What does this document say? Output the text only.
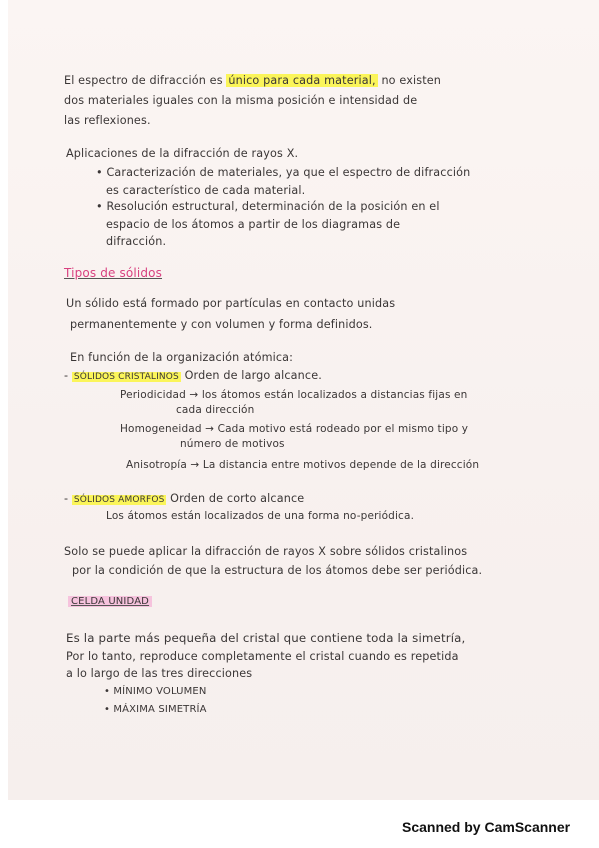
El espectro de difracción es único para cada material, no existen
dos materiales iguales con la misma posición e intensidad de
las reflexiones.
Aplicaciones de la difracción de rayos X.
• Caracterización de materiales, ya que el espectro de difracción
es característico de cada material.
• Resolución estructural, determinación de la posición en el
espacio de los átomos a partir de los diagramas de
difracción.
Tipos de sólidos
Un sólido está formado por partículas en contacto unidas
permanentemente y con volumen y forma definidos.
En función de la organización atómica:
- SÓLIDOS CRISTALINOS Orden de largo alcance.
Periodicidad → los átomos están localizados a distancias fijas en
cada dirección
Homogeneidad → Cada motivo está rodeado por el mismo tipo y
número de motivos
Anisotropía → La distancia entre motivos depende de la dirección
- SÓLIDOS AMORFOS Orden de corto alcance
Los átomos están localizados de una forma no-periódica.
Solo se puede aplicar la difracción de rayos X sobre sólidos cristalinos
por la condición de que la estructura de los átomos debe ser periódica.
CELDA UNIDAD
Es la parte más pequeña del cristal que contiene toda la simetría,
Por lo tanto, reproduce completamente el cristal cuando es repetida
a lo largo de las tres direcciones
• MÍNIMO VOLUMEN
• MÁXIMA SIMETRÍA
Scanned by CamScanner
